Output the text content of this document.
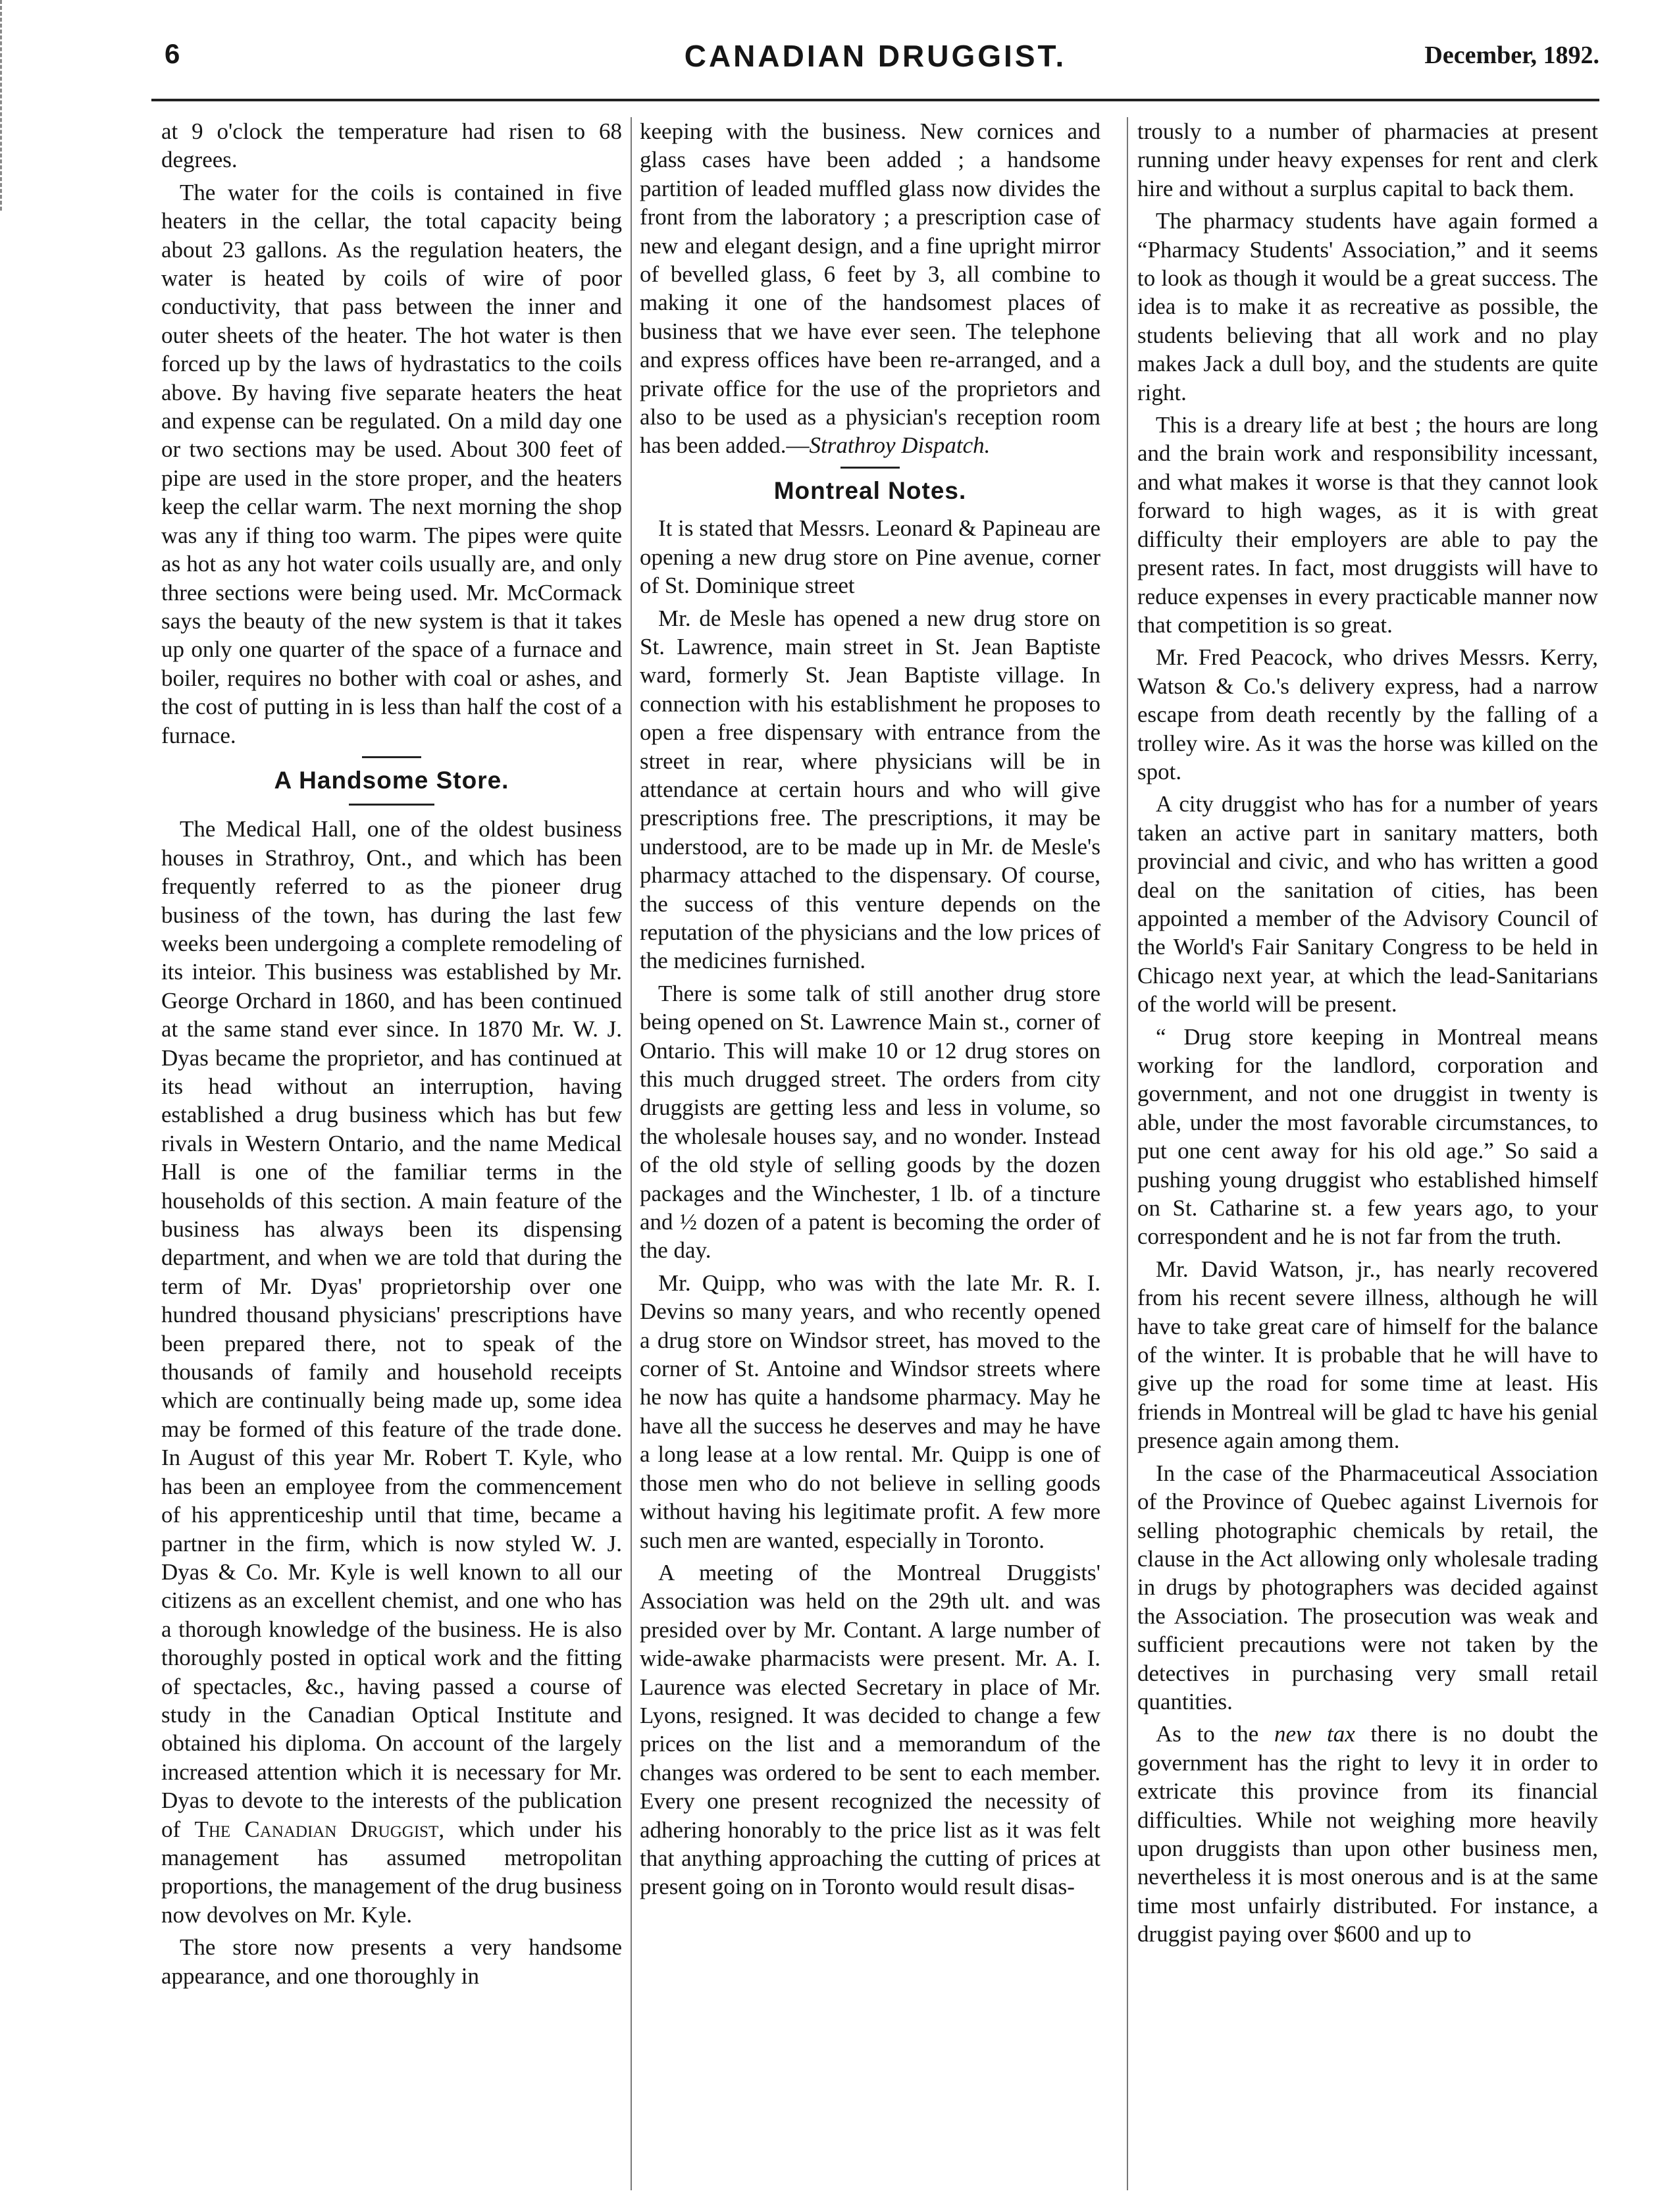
6	CANADIAN DRUGGIST.	December, 1892.

at 9 o'clock the temperature had risen to 68 degrees.

The water for the coils is contained in five heaters in the cellar, the total capacity being about 23 gallons. As the regulation heaters, the water is heated by coils of wire of poor conductivity, that pass between the inner and outer sheets of the heater. The hot water is then forced up by the laws of hydrastatics to the coils above. By having five separate heaters the heat and expense can be regulated. On a mild day one or two sections may be used. About 300 feet of pipe are used in the store proper, and the heaters keep the cellar warm. The next morning the shop was any if thing too warm. The pipes were quite as hot as any hot water coils usually are, and only three sections were being used. Mr. McCormack says the beauty of the new system is that it takes up only one quarter of the space of a furnace and boiler, requires no bother with coal or ashes, and the cost of putting in is less than half the cost of a furnace.

A Handsome Store.

The Medical Hall, one of the oldest business houses in Strathroy, Ont., and which has been frequently referred to as the pioneer drug business of the town, has during the last few weeks been undergoing a complete remodeling of its inteior. This business was established by Mr. George Orchard in 1860, and has been continued at the same stand ever since. In 1870 Mr. W. J. Dyas became the proprietor, and has continued at its head without an interruption, having established a drug business which has but few rivals in Western Ontario, and the name Medical Hall is one of the familiar terms in the households of this section. A main feature of the business has always been its dispensing department, and when we are told that during the term of Mr. Dyas' proprietorship over one hundred thousand physicians' prescriptions have been prepared there, not to speak of the thousands of family and household receipts which are continually being made up, some idea may be formed of this feature of the trade done. In August of this year Mr. Robert T. Kyle, who has been an employee from the commencement of his apprenticeship until that time, became a partner in the firm, which is now styled W. J. Dyas & Co. Mr. Kyle is well known to all our citizens as an excellent chemist, and one who has a thorough knowledge of the business. He is also thoroughly posted in optical work and the fitting of spectacles, &c., having passed a course of study in the Canadian Optical Institute and obtained his diploma. On account of the largely increased attention which it is necessary for Mr. Dyas to devote to the interests of the publication of The Canadian Druggist, which under his management has assumed metropolitan proportions, the management of the drug business now devolves on Mr. Kyle.

The store now presents a very handsome appearance, and one thoroughly in

keeping with the business. New cornices and glass cases have been added ; a handsome partition of leaded muffled glass now divides the front from the laboratory ; a prescription case of new and elegant design, and a fine upright mirror of bevelled glass, 6 feet by 3, all combine to making it one of the handsomest places of business that we have ever seen. The telephone and express offices have been re-arranged, and a private office for the use of the proprietors and also to be used as a physician's reception room has been added.—Strathroy Dispatch.

Montreal Notes.

It is stated that Messrs. Leonard & Papineau are opening a new drug store on Pine avenue, corner of St. Dominique street

Mr. de Mesle has opened a new drug store on St. Lawrence, main street in St. Jean Baptiste ward, formerly St. Jean Baptiste village. In connection with his establishment he proposes to open a free dispensary with entrance from the street in rear, where physicians will be in attendance at certain hours and who will give prescriptions free. The prescriptions, it may be understood, are to be made up in Mr. de Mesle's pharmacy attached to the dispensary. Of course, the success of this venture depends on the reputation of the physicians and the low prices of the medicines furnished.

There is some talk of still another drug store being opened on St. Lawrence Main st., corner of Ontario. This will make 10 or 12 drug stores on this much drugged street. The orders from city druggists are getting less and less in volume, so the wholesale houses say, and no wonder. Instead of the old style of selling goods by the dozen packages and the Winchester, 1 lb. of a tincture and ½ dozen of a patent is becoming the order of the day.

Mr. Quipp, who was with the late Mr. R. I. Devins so many years, and who recently opened a drug store on Windsor street, has moved to the corner of St. Antoine and Windsor streets where he now has quite a handsome pharmacy. May he have all the success he deserves and may he have a long lease at a low rental. Mr. Quipp is one of those men who do not believe in selling goods without having his legitimate profit. A few more such men are wanted, especially in Toronto.

A meeting of the Montreal Druggists' Association was held on the 29th ult. and was presided over by Mr. Contant. A large number of wide-awake pharmacists were present. Mr. A. I. Laurence was elected Secretary in place of Mr. Lyons, resigned. It was decided to change a few prices on the list and a memorandum of the changes was ordered to be sent to each member. Every one present recognized the necessity of adhering honorably to the price list as it was felt that anything approaching the cutting of prices at present going on in Toronto would result disas-

trously to a number of pharmacies at present running under heavy expenses for rent and clerk hire and without a surplus capital to back them.

The pharmacy students have again formed a “Pharmacy Students' Association,” and it seems to look as though it would be a great success. The idea is to make it as recreative as possible, the students believing that all work and no play makes Jack a dull boy, and the students are quite right.

This is a dreary life at best ; the hours are long and the brain work and responsibility incessant, and what makes it worse is that they cannot look forward to high wages, as it is with great difficulty their employers are able to pay the present rates. In fact, most druggists will have to reduce expenses in every practicable manner now that competition is so great.

Mr. Fred Peacock, who drives Messrs. Kerry, Watson & Co.'s delivery express, had a narrow escape from death recently by the falling of a trolley wire. As it was the horse was killed on the spot.

A city druggist who has for a number of years taken an active part in sanitary matters, both provincial and civic, and who has written a good deal on the sanitation of cities, has been appointed a member of the Advisory Council of the World's Fair Sanitary Congress to be held in Chicago next year, at which the lead-Sanitarians of the world will be present.

“ Drug store keeping in Montreal means working for the landlord, corporation and government, and not one druggist in twenty is able, under the most favorable circumstances, to put one cent away for his old age.” So said a pushing young druggist who established himself on St. Catharine st. a few years ago, to your correspondent and he is not far from the truth.

Mr. David Watson, jr., has nearly recovered from his recent severe illness, although he will have to take great care of himself for the balance of the winter. It is probable that he will have to give up the road for some time at least. His friends in Montreal will be glad tc have his genial presence again among them.

In the case of the Pharmaceutical Association of the Province of Quebec against Livernois for selling photographic chemicals by retail, the clause in the Act allowing only wholesale trading in drugs by photographers was decided against the Association. The prosecution was weak and sufficient precautions were not taken by the detectives in purchasing very small retail quantities.

As to the new tax there is no doubt the government has the right to levy it in order to extricate this province from its financial difficulties. While not weighing more heavily upon druggists than upon other business men, nevertheless it is most onerous and is at the same time most unfairly distributed. For instance, a druggist paying over $600 and up to
